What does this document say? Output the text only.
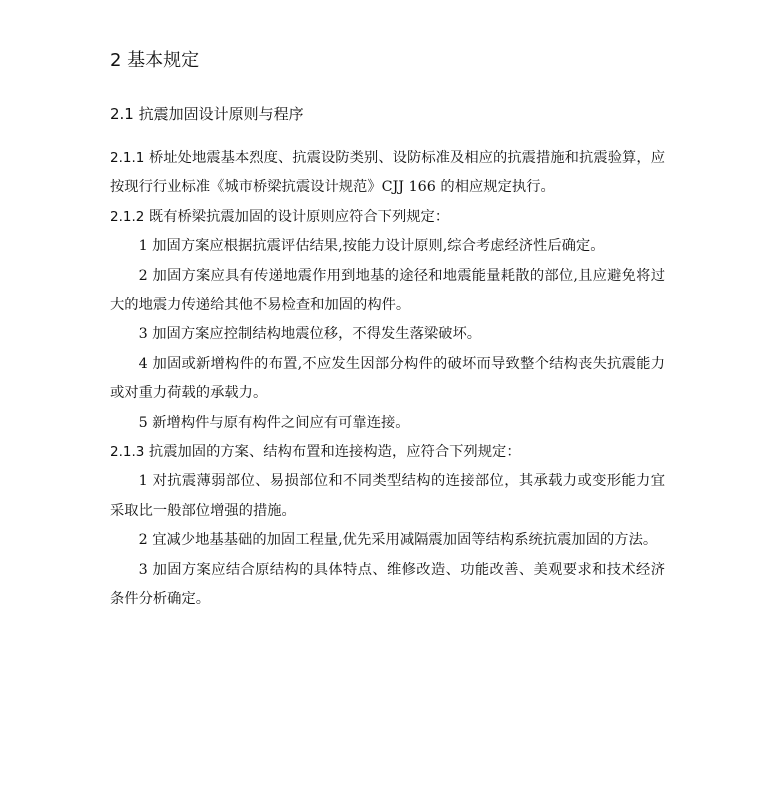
2 基本规定
2.1 抗震加固设计原则与程序

2.1.1 桥址处地震基本烈度、抗震设防类别、设防标准及相应的抗震措施和抗震验算，应按现行行业标准《城市桥梁抗震设计规范》CJJ 166 的相应规定执行。

2.1.2 既有桥梁抗震加固的设计原则应符合下列规定：

1 加固方案应根据抗震评估结果,按能力设计原则,综合考虑经济性后确定。

2 加固方案应具有传递地震作用到地基的途径和地震能量耗散的部位,且应避免将过大的地震力传递给其他不易检查和加固的构件。

3 加固方案应控制结构地震位移，不得发生落梁破坏。

4 加固或新增构件的布置,不应发生因部分构件的破坏而导致整个结构丧失抗震能力或对重力荷载的承载力。

5 新增构件与原有构件之间应有可靠连接。

2.1.3 抗震加固的方案、结构布置和连接构造，应符合下列规定：

1 对抗震薄弱部位、易损部位和不同类型结构的连接部位，其承载力或变形能力宜采取比一般部位增强的措施。

2 宜减少地基基础的加固工程量,优先采用减隔震加固等结构系统抗震加固的方法。

3 加固方案应结合原结构的具体特点、维修改造、功能改善、美观要求和技术经济条件分析确定。
